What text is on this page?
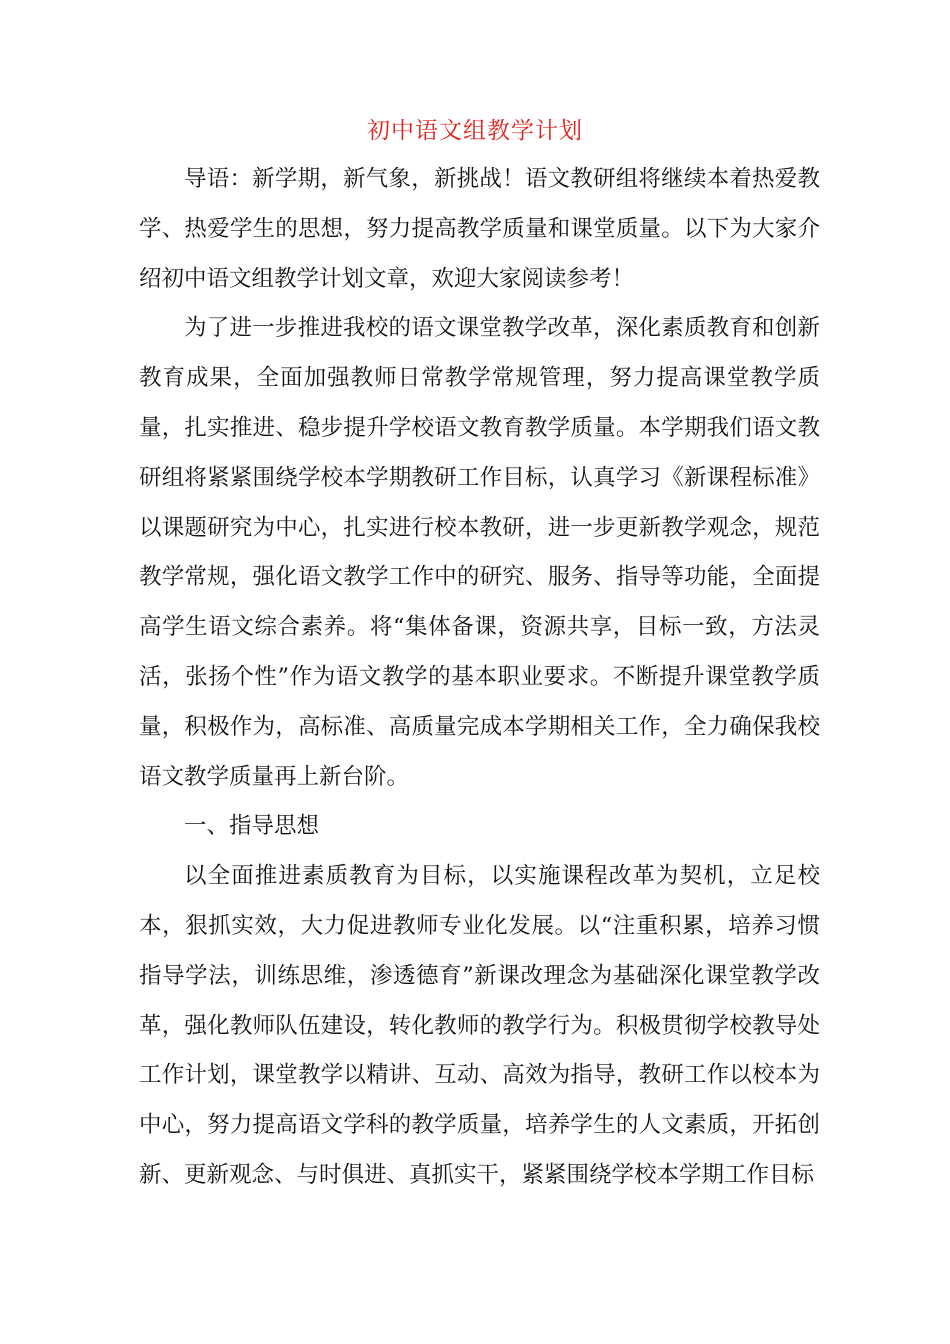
初中语文组教学计划

导语：新学期，新气象，新挑战！语文教研组将继续本着热爱教学、热爱学生的思想，努力提高教学质量和课堂质量。以下为大家介绍初中语文组教学计划文章，欢迎大家阅读参考！

为了进一步推进我校的语文课堂教学改革，深化素质教育和创新教育成果，全面加强教师日常教学常规管理，努力提高课堂教学质量，扎实推进、稳步提升学校语文教育教学质量。本学期我们语文教研组将紧紧围绕学校本学期教研工作目标，认真学习《新课程标准》以课题研究为中心，扎实进行校本教研，进一步更新教学观念，规范教学常规，强化语文教学工作中的研究、服务、指导等功能，全面提高学生语文综合素养。将“集体备课，资源共享，目标一致，方法灵活，张扬个性”作为语文教学的基本职业要求。不断提升课堂教学质量，积极作为，高标准、高质量完成本学期相关工作，全力确保我校语文教学质量再上新台阶。

一、指导思想

以全面推进素质教育为目标，以实施课程改革为契机，立足校本，狠抓实效，大力促进教师专业化发展。以“注重积累，培养习惯指导学法，训练思维，渗透德育”新课改理念为基础深化课堂教学改革，强化教师队伍建设，转化教师的教学行为。积极贯彻学校教导处工作计划，课堂教学以精讲、互动、高效为指导，教研工作以校本为中心，努力提高语文学科的教学质量，培养学生的人文素质，开拓创新、更新观念、与时俱进、真抓实干，紧紧围绕学校本学期工作目标
